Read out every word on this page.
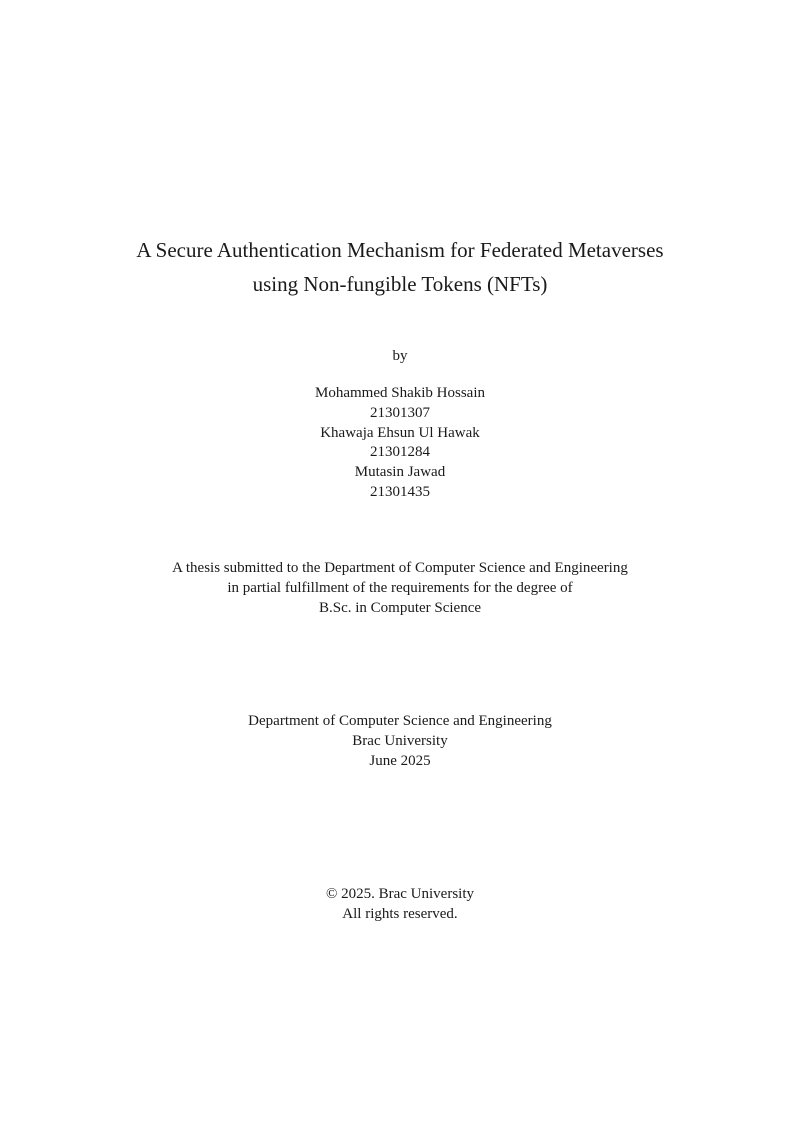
A Secure Authentication Mechanism for Federated Metaverses
using Non-fungible Tokens (NFTs)
by
Mohammed Shakib Hossain
21301307
Khawaja Ehsun Ul Hawak
21301284
Mutasin Jawad
21301435
A thesis submitted to the Department of Computer Science and Engineering
in partial fulfillment of the requirements for the degree of
B.Sc. in Computer Science
Department of Computer Science and Engineering
Brac University
June 2025
© 2025. Brac University
All rights reserved.
